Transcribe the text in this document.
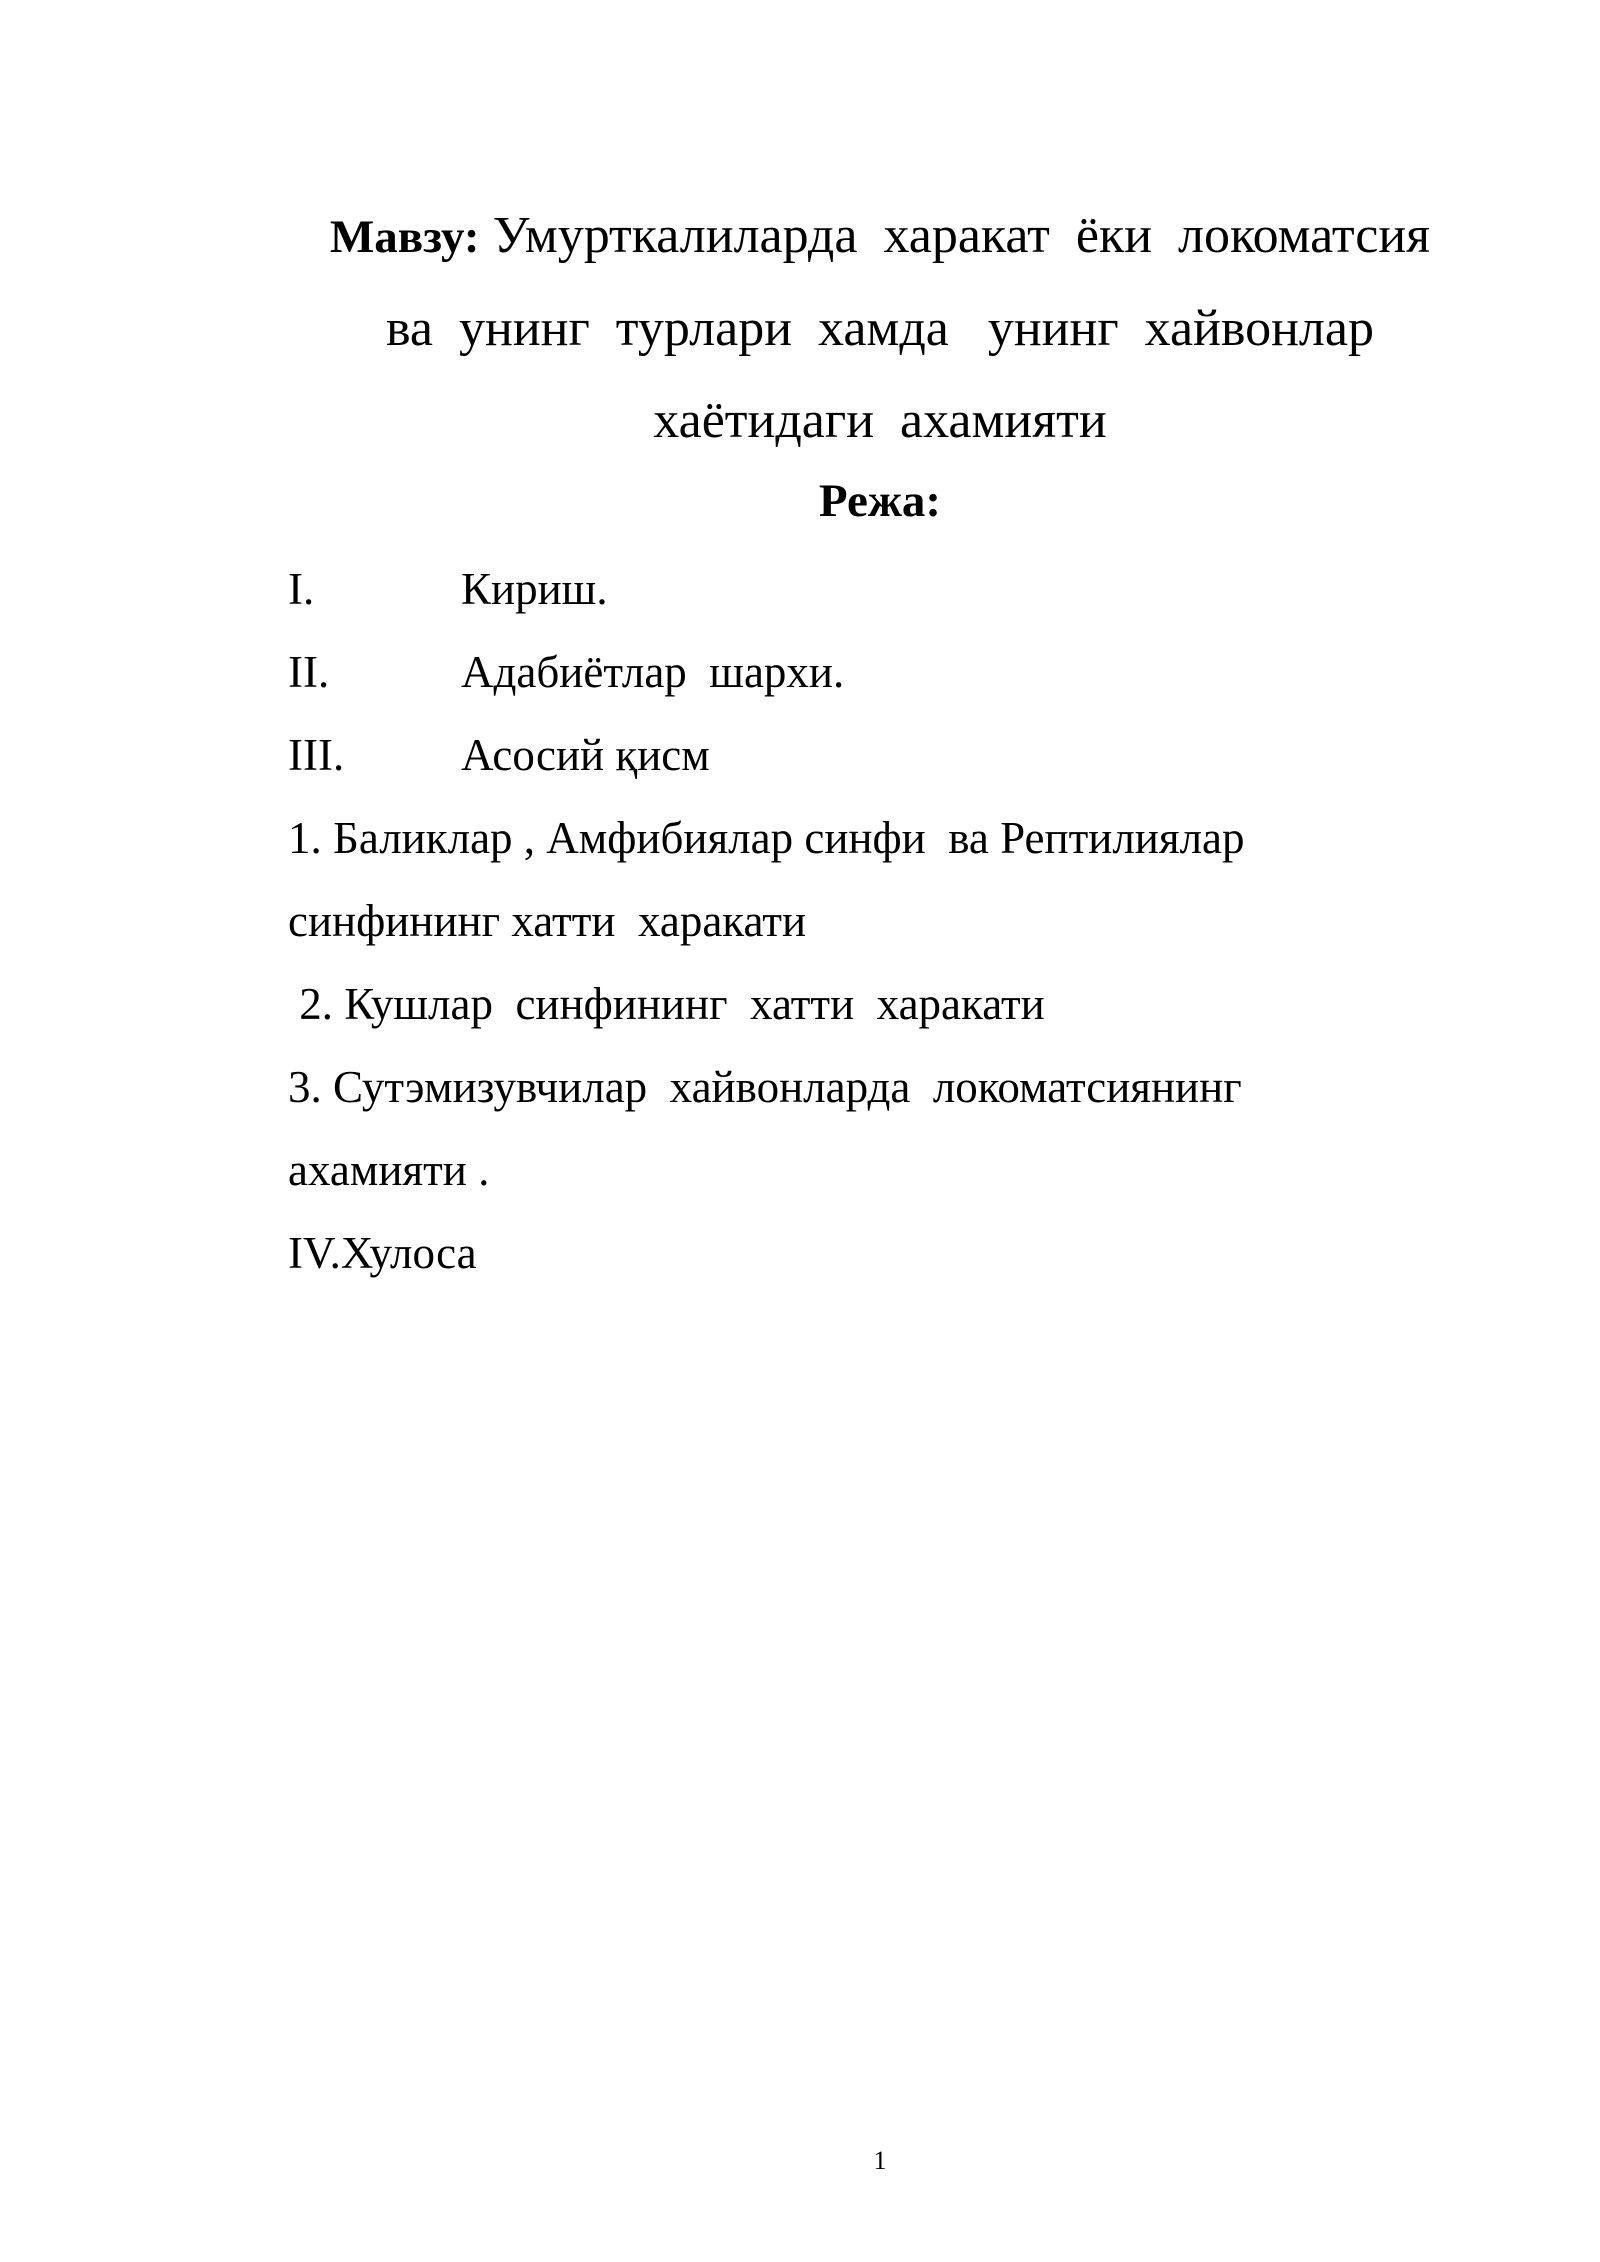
Мавзу: Умурткалиларда  харакат  ёки  локоматсия
ва  унинг  турлари  хамда   унинг  хайвонлар
хаётидаги  ахамияти
Режа:
I.	Кириш.
II.	Адабиётлар  шархи.
III.	Асосий қисм
1. Баликлар , Амфибиялар синфи  ва Рептилиялар
синфининг хатти  харакати
2. Кушлар  синфининг  хатти  харакати
3. Сутэмизувчилар  хайвонларда  локоматсиянинг
ахамияти .
IV.Хулоса
1
